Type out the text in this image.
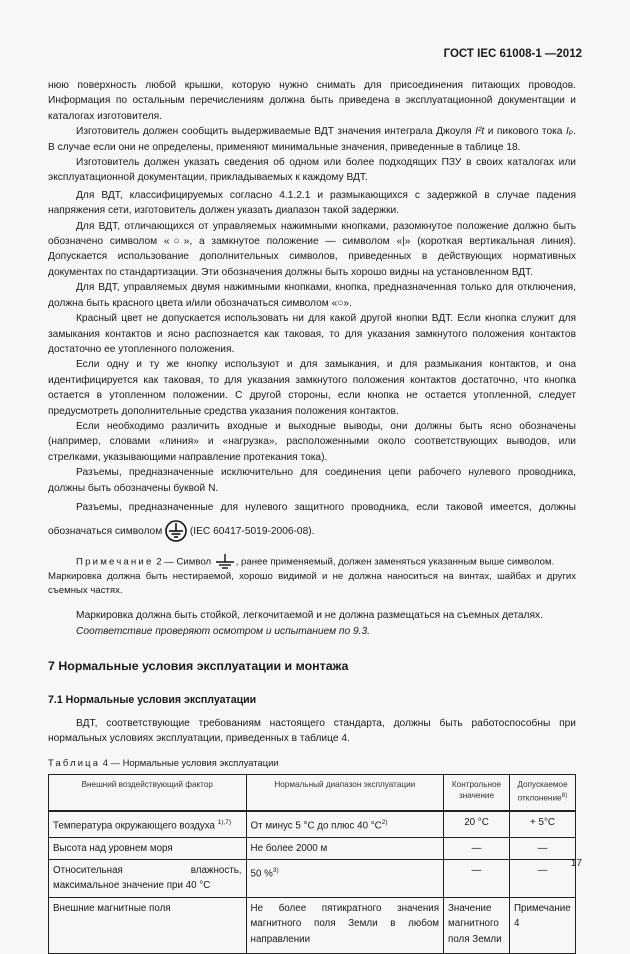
ГОСТ IEC 61008-1 —2012
нюю поверхность любой крышки, которую нужно снимать для присоединения питающих проводов. Информация по остальным перечислениям должна быть приведена в эксплуатационной документации и каталогах изготовителя.
Изготовитель должен сообщить выдерживаемые ВДТ значения интеграла Джоуля I²t и пикового тока Iₚ. В случае если они не определены, применяют минимальные значения, приведенные в таблице 18.
Изготовитель должен указать сведения об одном или более подходящих ПЗУ в своих каталогах или эксплуатационной документации, прикладываемых к каждому ВДТ.
Для ВДТ, классифицируемых согласно 4.1.2.1 и размыкающихся с задержкой в случае падения напряжения сети, изготовитель должен указать диапазон такой задержки.
Для ВДТ, отличающихся от управляемых нажимными кнопками, разомкнутое положение должно быть обозначено символом «○», а замкнутое положение — символом «|» (короткая вертикальная линия). Допускается использование дополнительных символов, приведенных в действующих нормативных документах по стандартизации. Эти обозначения должны быть хорошо видны на установленном ВДТ.
Для ВДТ, управляемых двумя нажимными кнопками, кнопка, предназначенная только для отключения, должна быть красного цвета и/или обозначаться символом «○».
Красный цвет не допускается использовать ни для какой другой кнопки ВДТ. Если кнопка служит для замыкания контактов и ясно распознается как таковая, то для указания замкнутого положения контактов достаточно ее утопленного положения.
Если одну и ту же кнопку используют и для замыкания, и для размыкания контактов, и она идентифицируется как таковая, то для указания замкнутого положения контактов достаточно, что кнопка остается в утопленном положении. С другой стороны, если кнопка не остается утопленной, следует предусмотреть дополнительные средства указания положения контактов.
Если необходимо различить входные и выходные выводы, они должны быть ясно обозначены (например, словами «линия» и «нагрузка», расположенными около соответствующих выводов, или стрелками, указывающими направление протекания тока).
Разъемы, предназначенные исключительно для соединения цепи рабочего нулевого проводника, должны быть обозначены буквой N.
Разъемы, предназначенные для нулевого защитного проводника, если таковой имеется, должны обозначаться символом  (IEC 60417-5019-2006-08).
Примечание 2 — Символ , ранее применяемый, должен заменяться указанным выше символом.
Маркировка должна быть нестираемой, хорошо видимой и не должна наноситься на винтах, шайбах и других съемных частях.
Маркировка должна быть стойкой, легкочитаемой и не должна размещаться на съемных деталях.
Соответствие проверяют осмотром и испытанием по 9.3.
7 Нормальные условия эксплуатации и монтажа
7.1 Нормальные условия эксплуатации
ВДТ, соответствующие требованиям настоящего стандарта, должны быть работоспособны при нормальных условиях эксплуатации, приведенных в таблице 4.
Таблица 4 — Нормальные условия эксплуатации
Внешний воздействующий фактор	Нормальный диапазон эксплуатации	Контрольное значение	Допускаемое отклонение$^{8)}$
Температура окружающего воздуха $^{1),7)}$	От минус 5 °С до плюс 40 $^\circ С^{2)}$	20 °С	+ 5°С
Высота над уровнем моря	Не более 2000 м	—	—
Относительная влажность, максимальное значение при 40 °С	50 %$^{3)}$	—	—
Внешние магнитные поля	Не более пятикратного значения магнитного поля Земли в любом направлении	Значение магнитного поля Земли	Примечание 4
17
